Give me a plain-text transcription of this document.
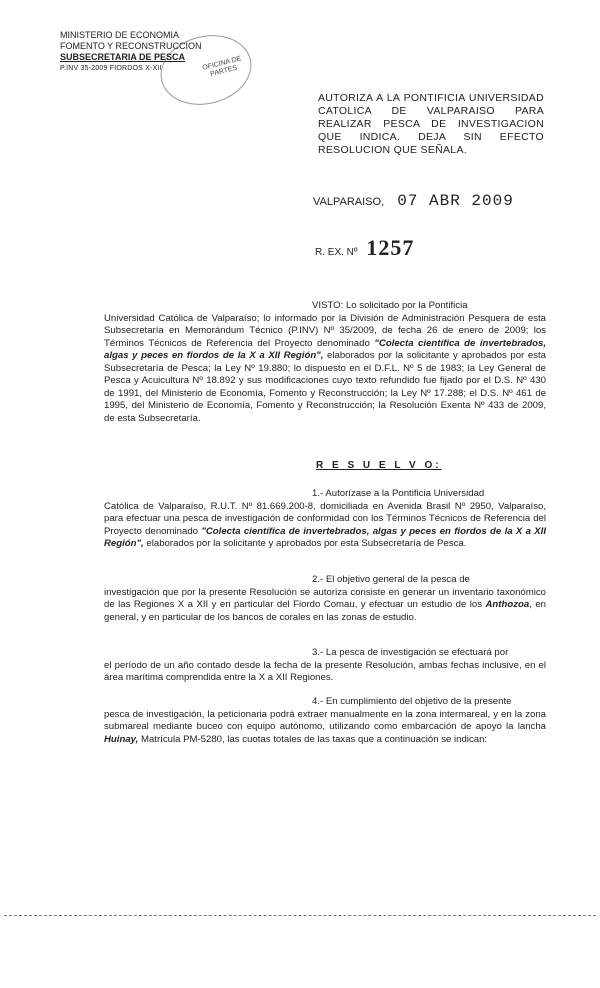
MINISTERIO DE ECONOMIA
FOMENTO Y RECONSTRUCCION
SUBSECRETARIA DE PESCA
P.INV 35-2009 FIORDOS X-XII	OFICINA DE PARTES
AUTORIZA A LA PONTIFICIA UNIVERSIDAD CATOLICA DE VALPARAISO PARA REALIZAR PESCA DE INVESTIGACION QUE INDICA. DEJA SIN EFECTO RESOLUCION QUE SEÑALA.
VALPARAISO, 07 ABR 2009
R. EX. Nº 1257
VISTO: Lo solicitado por la Pontificia
Universidad Católica de Valparaíso; lo informado por la División de Administración Pesquera de esta Subsecretaría en Memorándum Técnico (P.INV) Nº 35/2009, de fecha 26 de enero de 2009; los Términos Técnicos de Referencia del Proyecto denominado "Colecta científica de invertebrados, algas y peces en fiordos de la X a XII Región", elaborados por la solicitante y aprobados por esta Subsecretaría de Pesca; la Ley Nº 19.880; lo dispuesto en el D.F.L. Nº 5 de 1983; la Ley General de Pesca y Acuicultura Nº 18.892 y sus modificaciones cuyo texto refundido fue fijado por el D.S. Nº 430 de 1991, del Ministerio de Economía, Fomento y Reconstrucción; la Ley Nº 17.288; el D.S. Nº 461 de 1995, del Ministerio de Economía, Fomento y Reconstrucción; la Resolución Exenta Nº 433 de 2009, de esta Subsecretaría.
R E S U E L V O:
1.- Autorízase a la Pontificia Universidad
Católica de Valparaíso, R.U.T. Nº 81.669.200-8, domiciliada en Avenida Brasil Nº 2950, Valparaíso, para efectuar una pesca de investigación de conformidad con los Términos Técnicos de Referencia del Proyecto denominado "Colecta científica de invertebrados, algas y peces en fiordos de la X a XII Región", elaborados por la solicitante y aprobados por esta Subsecretaría de Pesca.
2.- El objetivo general de la pesca de
investigación que por la presente Resolución se autoriza consiste en generar un inventario taxonómico de las Regiones X a XII y en particular del Fiordo Comau, y efectuar un estudio de los Anthozoa, en general, y en particular de los bancos de corales en las zonas de estudio.
3.- La pesca de investigación se efectuará por
el período de un año contado desde la fecha de la presente Resolución, ambas fechas inclusive, en el área marítima comprendida entre la X a XII Regiones.
4.- En cumplimiento del objetivo de la presente
pesca de investigación, la peticionaria podrá extraer manualmente en la zona intermareal, y en la zona submareal mediante buceo con equipo autónomo, utilizando como embarcación de apoyo la lancha Huinay, Matrícula PM-5280, las cuotas totales de las taxas que a continuación se indican:
